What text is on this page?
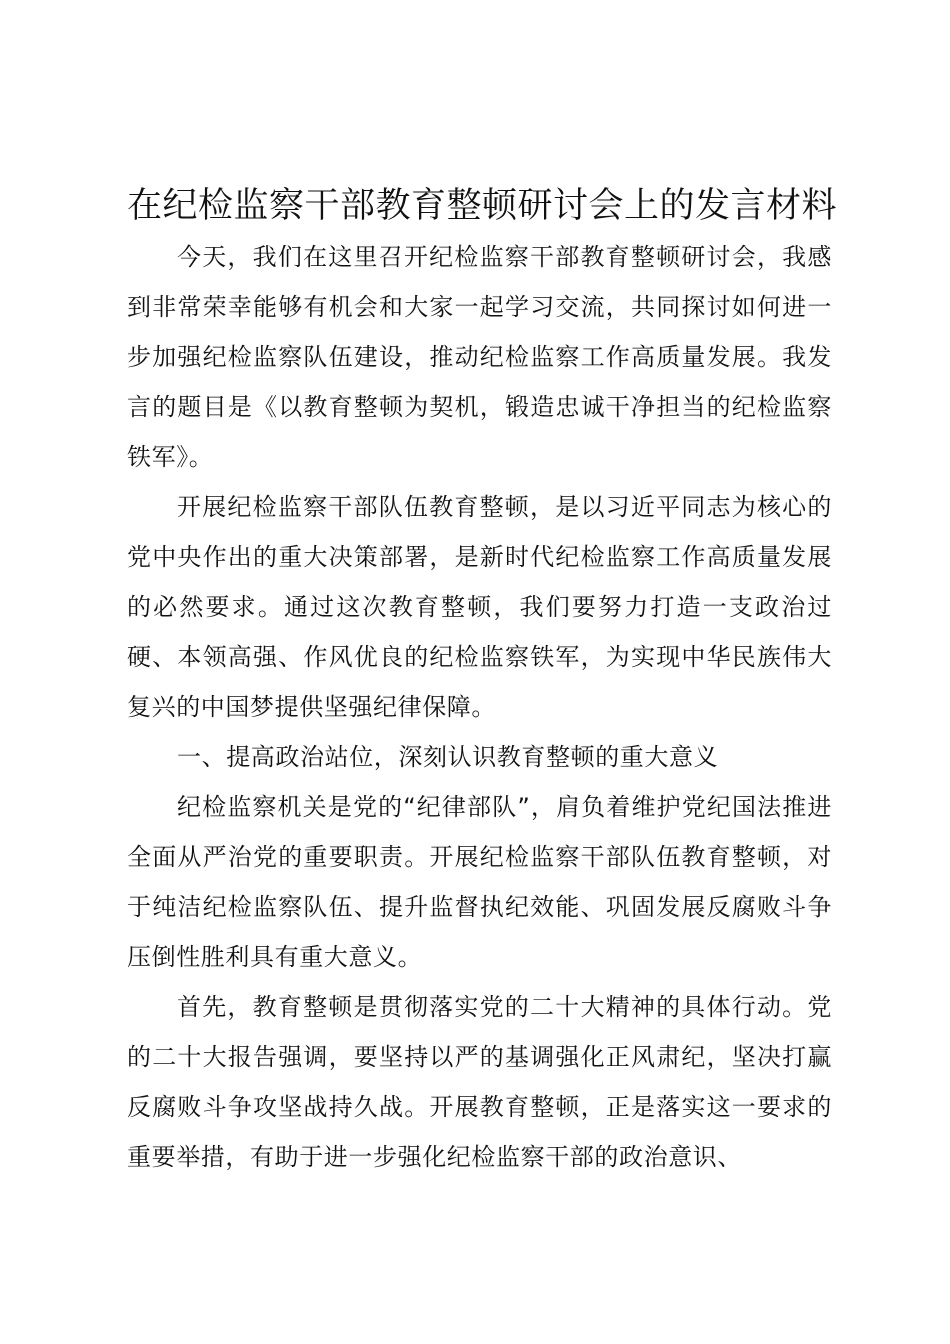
在纪检监察干部教育整顿研讨会上的发言材料

今天，我们在这里召开纪检监察干部教育整顿研讨会，我感到非常荣幸能够有机会和大家一起学习交流，共同探讨如何进一步加强纪检监察队伍建设，推动纪检监察工作高质量发展。我发言的题目是《以教育整顿为契机，锻造忠诚干净担当的纪检监察铁军》。

开展纪检监察干部队伍教育整顿，是以习近平同志为核心的党中央作出的重大决策部署，是新时代纪检监察工作高质量发展的必然要求。通过这次教育整顿，我们要努力打造一支政治过硬、本领高强、作风优良的纪检监察铁军，为实现中华民族伟大复兴的中国梦提供坚强纪律保障。

一、提高政治站位，深刻认识教育整顿的重大意义

纪检监察机关是党的“纪律部队”，肩负着维护党纪国法推进全面从严治党的重要职责。开展纪检监察干部队伍教育整顿，对于纯洁纪检监察队伍、提升监督执纪效能、巩固发展反腐败斗争压倒性胜利具有重大意义。

首先，教育整顿是贯彻落实党的二十大精神的具体行动。党的二十大报告强调，要坚持以严的基调强化正风肃纪，坚决打赢反腐败斗争攻坚战持久战。开展教育整顿，正是落实这一要求的重要举措，有助于进一步强化纪检监察干部的政治意识、
